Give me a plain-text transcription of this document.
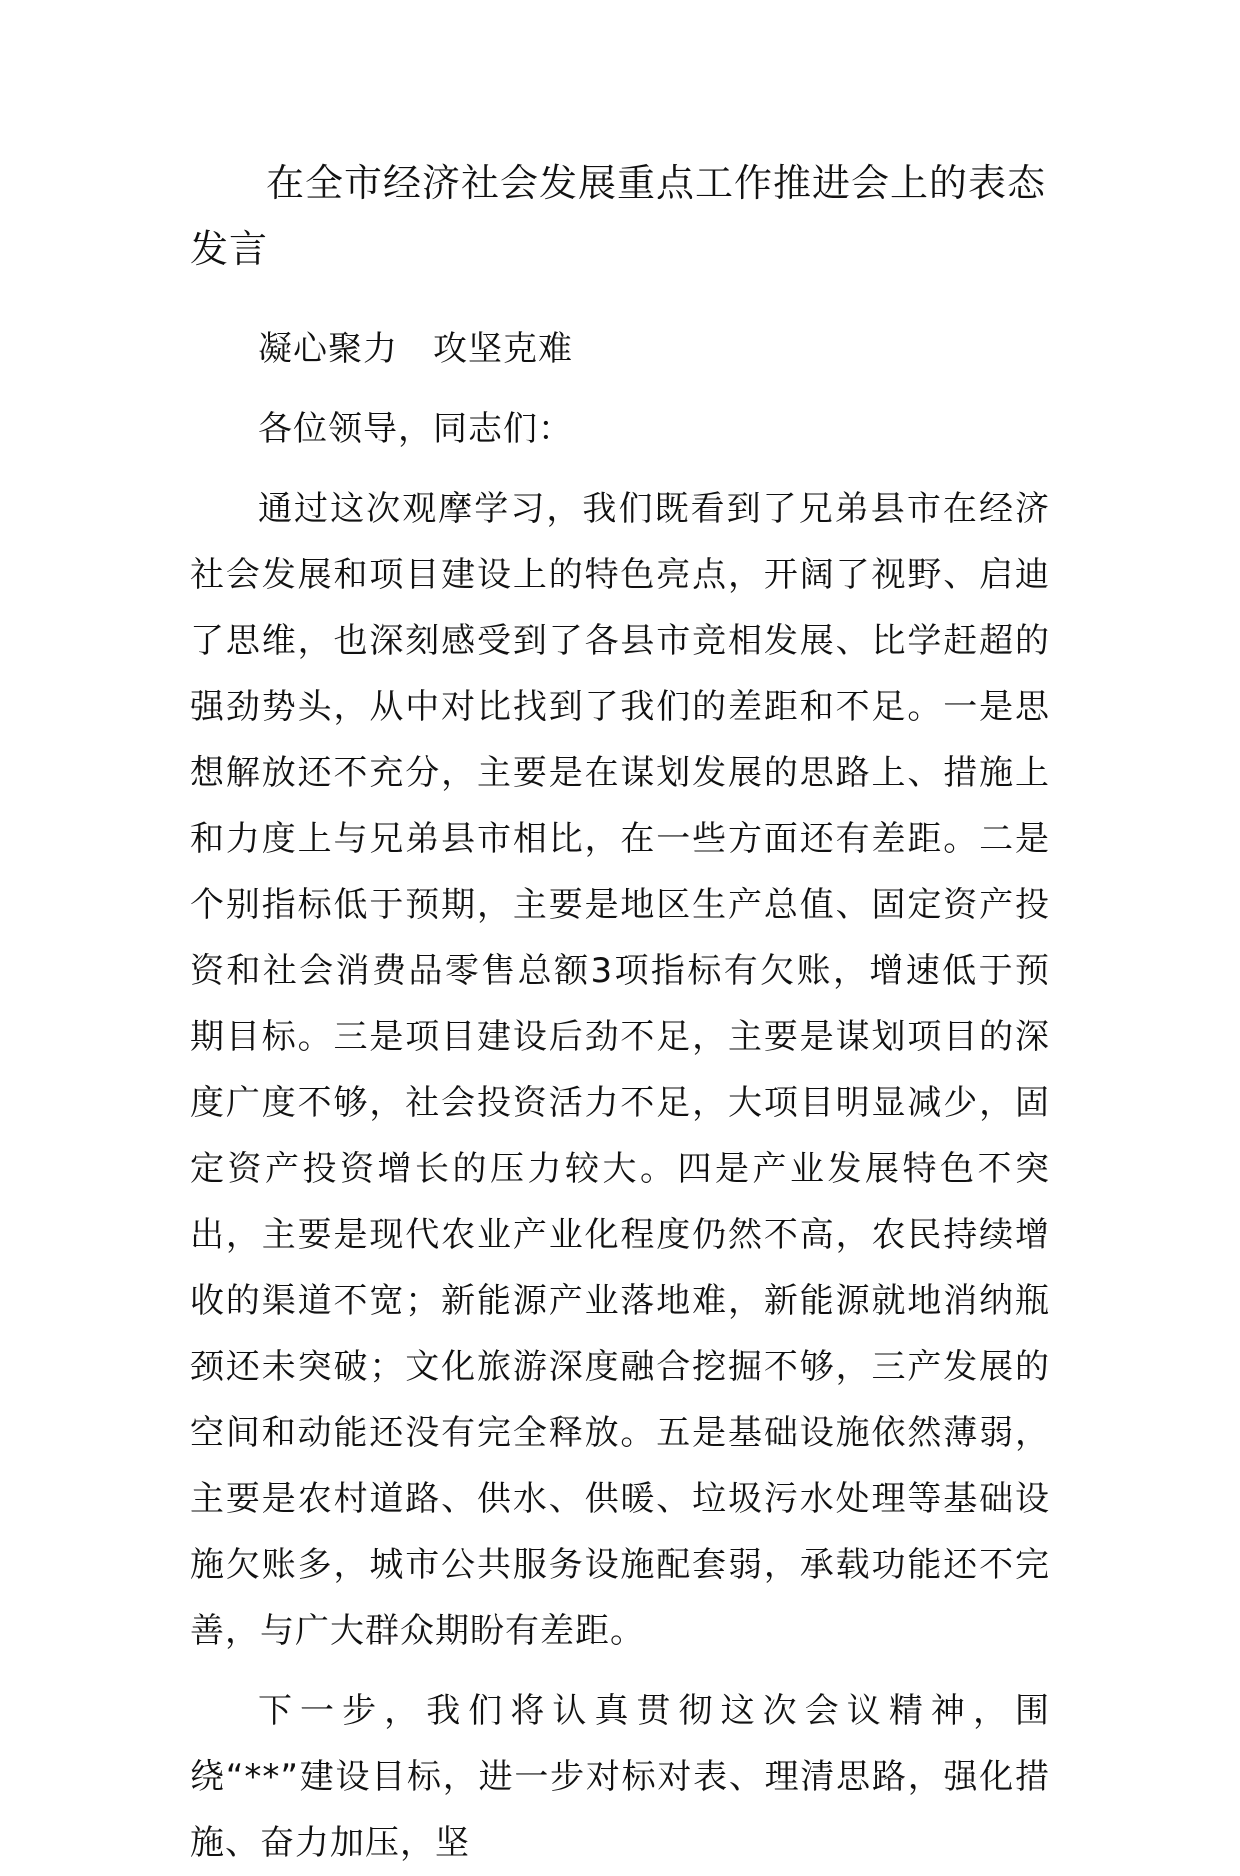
在全市经济社会发展重点工作推进会上的表态发言

凝心聚力　攻坚克难

各位领导，同志们：

通过这次观摩学习，我们既看到了兄弟县市在经济社会发展和项目建设上的特色亮点，开阔了视野、启迪了思维，也深刻感受到了各县市竞相发展、比学赶超的强劲势头，从中对比找到了我们的差距和不足。一是思想解放还不充分，主要是在谋划发展的思路上、措施上和力度上与兄弟县市相比，在一些方面还有差距。二是个别指标低于预期，主要是地区生产总值、固定资产投资和社会消费品零售总额3项指标有欠账，增速低于预期目标。三是项目建设后劲不足，主要是谋划项目的深度广度不够，社会投资活力不足，大项目明显减少，固定资产投资增长的压力较大。四是产业发展特色不突出，主要是现代农业产业化程度仍然不高，农民持续增收的渠道不宽；新能源产业落地难，新能源就地消纳瓶颈还未突破；文化旅游深度融合挖掘不够，三产发展的空间和动能还没有完全释放。五是基础设施依然薄弱，主要是农村道路、供水、供暖、垃圾污水处理等基础设施欠账多，城市公共服务设施配套弱，承载功能还不完善，与广大群众期盼有差距。

下一步，我们将认真贯彻这次会议精神，围绕“**”建设目标，进一步对标对表、理清思路，强化措施、奋力加压，坚
